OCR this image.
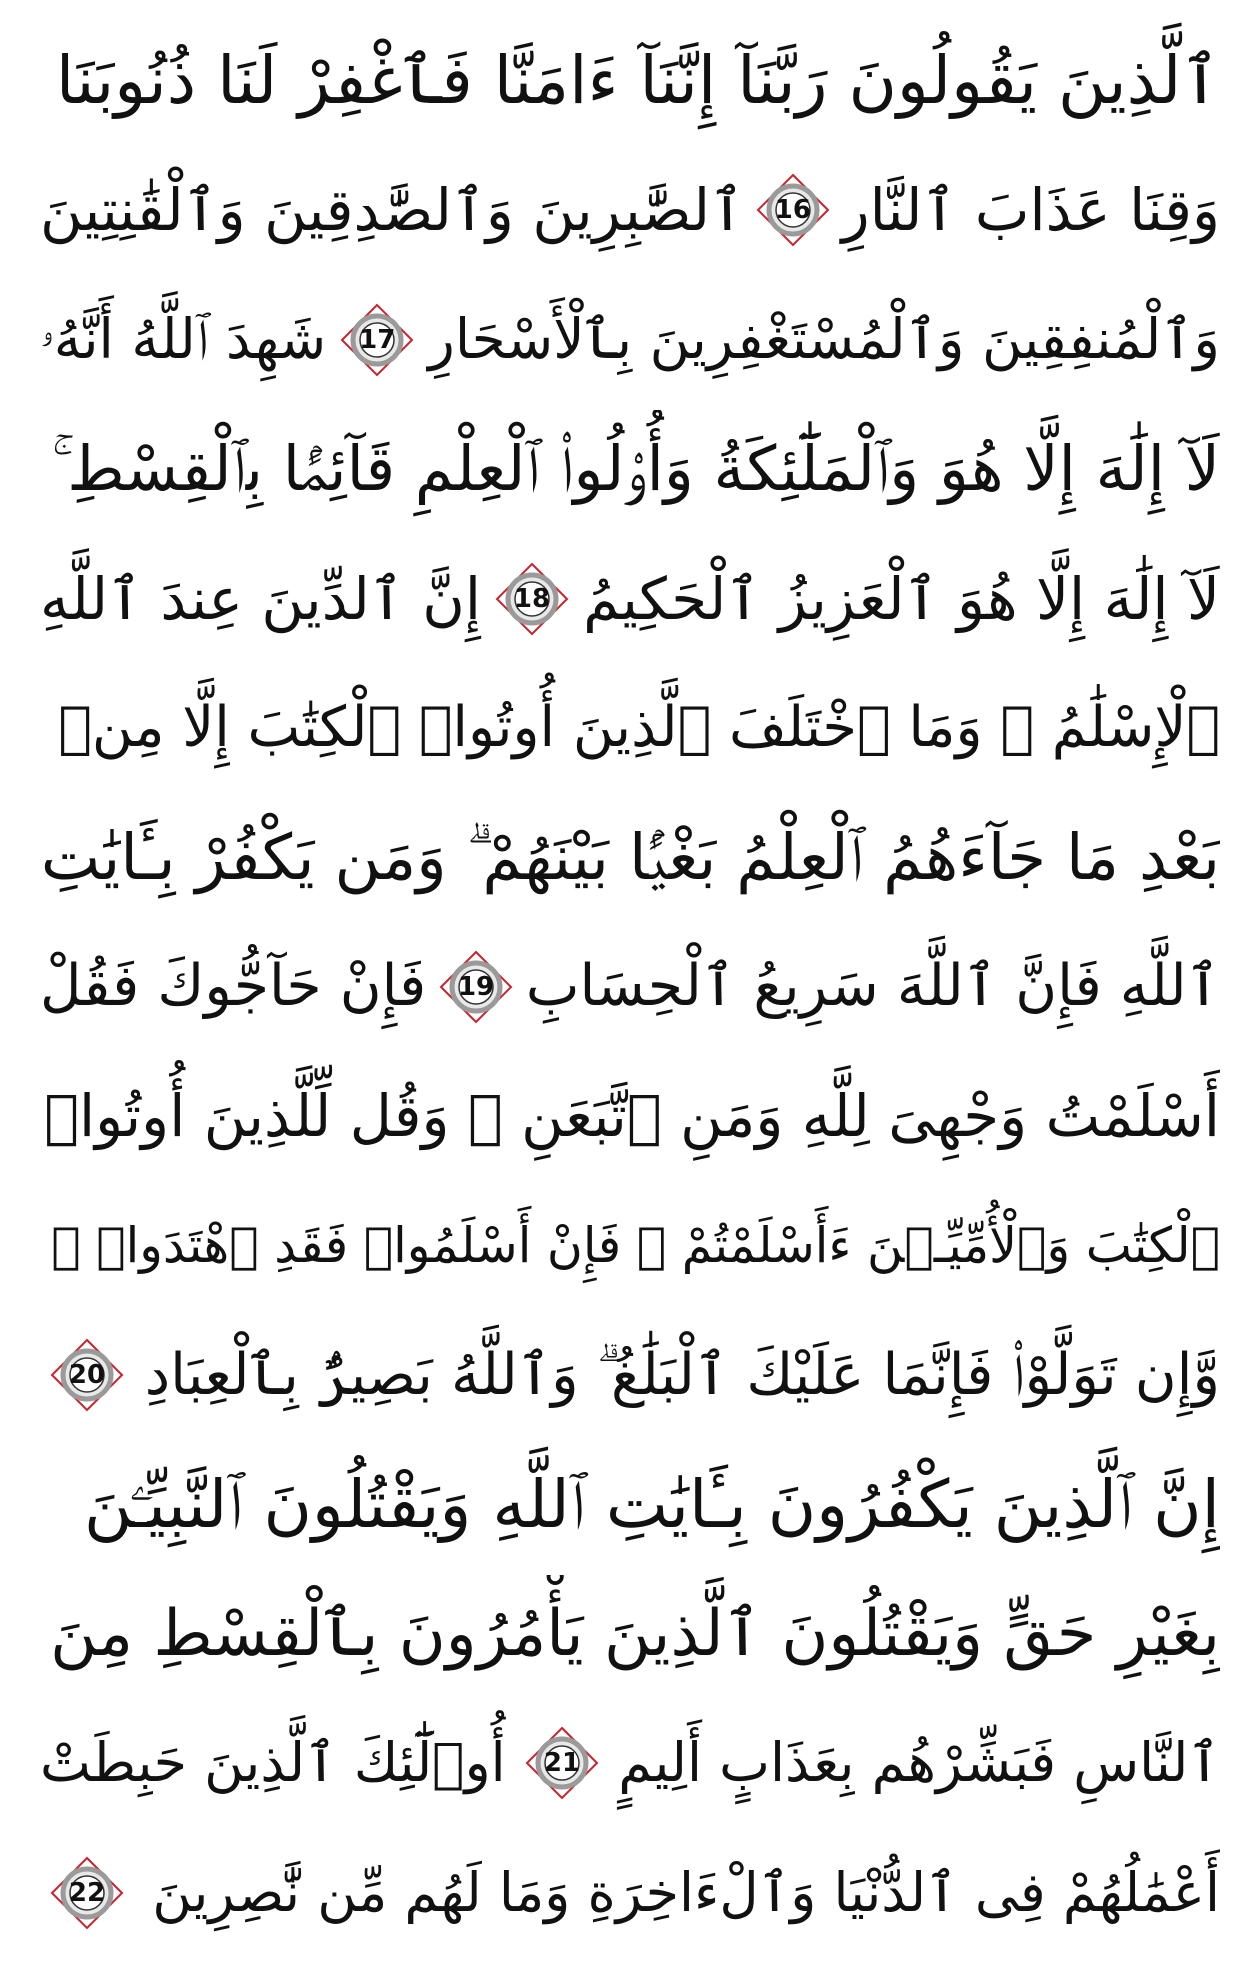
ٱلَّذِينَ يَقُولُونَ رَبَّنَآ إِنَّنَآ ءَامَنَّا فَٱغْفِرْ لَنَا ذُنُوبَنَا
وَقِنَا عَذَابَ ٱلنَّارِ
16
ٱلصَّٰبِرِينَ وَٱلصَّٰدِقِينَ وَٱلْقَٰنِتِينَ
وَٱلْمُنفِقِينَ وَٱلْمُسْتَغْفِرِينَ بِٱلْأَسْحَارِ
17
شَهِدَ ٱللَّهُ أَنَّهُۥ
لَآ إِلَٰهَ إِلَّا هُوَ وَٱلْمَلَٰٓئِكَةُ وَأُو۟لُوا۟ ٱلْعِلْمِ قَآئِمًۢا بِٱلْقِسْطِ ۚ
لَآ إِلَٰهَ إِلَّا هُوَ ٱلْعَزِيزُ ٱلْحَكِيمُ
18
إِنَّ ٱلدِّينَ عِندَ ٱللَّهِ
ٱلْإِسْلَٰمُ ۗ وَمَا ٱخْتَلَفَ ٱلَّذِينَ أُوتُوا۟ ٱلْكِتَٰبَ إِلَّا مِنۢ
بَعْدِ مَا جَآءَهُمُ ٱلْعِلْمُ بَغْيًۢا بَيْنَهُمْ ۗ وَمَن يَكْفُرْ بِـَٔايَٰتِ
ٱللَّهِ فَإِنَّ ٱللَّهَ سَرِيعُ ٱلْحِسَابِ
19
فَإِنْ حَآجُّوكَ فَقُلْ
أَسْلَمْتُ وَجْهِىَ لِلَّهِ وَمَنِ ٱتَّبَعَنِ ۗ وَقُل لِّلَّذِينَ أُوتُوا۟
ٱلْكِتَٰبَ وَٱلْأُمِّيِّـۧنَ ءَأَسْلَمْتُمْ ۚ فَإِنْ أَسْلَمُوا۟ فَقَدِ ٱهْتَدَوا۟ ۖ
وَّإِن تَوَلَّوْا۟ فَإِنَّمَا عَلَيْكَ ٱلْبَلَٰغُ ۗ وَٱللَّهُ بَصِيرٌۢ بِٱلْعِبَادِ
20
إِنَّ ٱلَّذِينَ يَكْفُرُونَ بِـَٔايَٰتِ ٱللَّهِ وَيَقْتُلُونَ ٱلنَّبِيِّـۧنَ
بِغَيْرِ حَقٍّ وَيَقْتُلُونَ ٱلَّذِينَ يَأْمُرُونَ بِٱلْقِسْطِ مِنَ
ٱلنَّاسِ فَبَشِّرْهُم بِعَذَابٍ أَلِيمٍ
21
أُو۟لَٰٓئِكَ ٱلَّذِينَ حَبِطَتْ
أَعْمَٰلُهُمْ فِى ٱلدُّنْيَا وَٱلْءَاخِرَةِ وَمَا لَهُم مِّن نَّٰصِرِينَ
22
